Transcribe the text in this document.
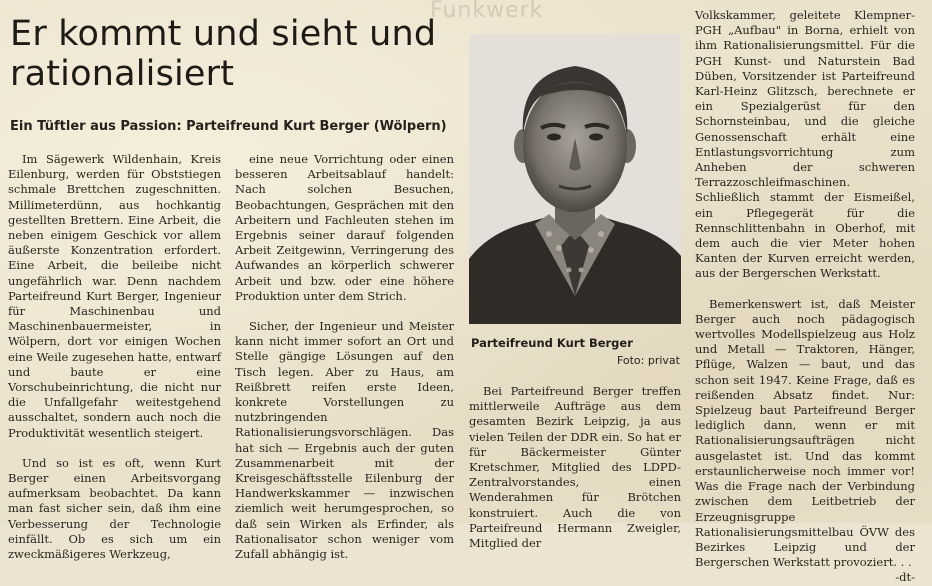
Funkwerk
Er kommt und sieht und rationalisiert
Ein Tüftler aus Passion: Parteifreund Kurt Berger (Wölpern)

Im Sägewerk Wildenhain, Kreis Eilenburg, werden für Obststiegen schmale Brettchen zugeschnitten. Millimeterdünn, aus hochkantig gestellten Brettern. Eine Arbeit, die neben einigem Geschick vor allem äußerste Konzentration erfordert. Eine Arbeit, die beileibe nicht ungefährlich war. Denn nachdem Parteifreund Kurt Berger, Ingenieur für Maschinenbau und Maschinenbauermeister, in Wölpern, dort vor einigen Wochen eine Weile zugesehen hatte, entwarf und baute er eine Vorschubeinrichtung, die nicht nur die Unfallgefahr weitestgehend ausschaltet, sondern auch noch die Produktivität wesentlich steigert.

Und so ist es oft, wenn Kurt Berger einen Arbeitsvorgang aufmerksam beobachtet. Da kann man fast sicher sein, daß ihm eine Verbesserung der Technologie einfällt. Ob es sich um ein zweckmäßigeres Werkzeug,

eine neue Vorrichtung oder einen besseren Arbeitsablauf handelt: Nach solchen Besuchen, Beobachtungen, Gesprächen mit den Arbeitern und Fachleuten stehen im Ergebnis seiner darauf folgenden Arbeit Zeitgewinn, Verringerung des Aufwandes an körperlich schwerer Arbeit und bzw. oder eine höhere Produktion unter dem Strich.

Sicher, der Ingenieur und Meister kann nicht immer sofort an Ort und Stelle gängige Lösungen auf den Tisch legen. Aber zu Haus, am Reißbrett reifen erste Ideen, konkrete Vorstellungen zu nutzbringenden Rationalisierungsvorschlägen. Das hat sich — Ergebnis auch der guten Zusammenarbeit mit der Kreisgeschäftsstelle Eilenburg der Handwerkskammer — inzwischen ziemlich weit herumgesprochen, so daß sein Wirken als Erfinder, als Rationalisator schon weniger vom Zufall abhängig ist.

Parteifreund Kurt Berger

Foto: privat

Bei Parteifreund Berger treffen mittlerweile Aufträge aus dem gesamten Bezirk Leipzig, ja aus vielen Teilen der DDR ein. So hat er für Bäckermeister Günter Kretschmer, Mitglied des LDPD-Zentralvorstandes, einen Wenderahmen für Brötchen konstruiert. Auch die von Parteifreund Hermann Zweigler, Mitglied der

Volkskammer, geleitete Klempner-PGH „Aufbau" in Borna, erhielt von ihm Rationalisierungsmittel. Für die PGH Kunst- und Naturstein Bad Düben, Vorsitzender ist Parteifreund Karl-Heinz Glitzsch, berechnete er ein Spezialgerüst für den Schornsteinbau, und die gleiche Genossenschaft erhält eine Entlastungsvorrichtung zum Anheben der schweren Terrazzoschleifmaschinen. Schließlich stammt der Eismeißel, ein Pflegegerät für die Rennschlittenbahn in Oberhof, mit dem auch die vier Meter hohen Kanten der Kurven erreicht werden, aus der Bergerschen Werkstatt.

Bemerkenswert ist, daß Meister Berger auch noch pädagogisch wertvolles Modellspielzeug aus Holz und Metall — Traktoren, Hänger, Pflüge, Walzen — baut, und das schon seit 1947. Keine Frage, daß es reißenden Absatz findet. Nur: Spielzeug baut Parteifreund Berger lediglich dann, wenn er mit Rationalisierungsaufträgen nicht ausgelastet ist. Und das kommt erstaunlicherweise noch immer vor! Was die Frage nach der Verbindung zwischen dem Leitbetrieb der Erzeugnisgruppe Rationalisierungsmittelbau ÖVW des Bezirkes Leipzig und der Bergerschen Werkstatt provoziert. . .
-dt-
